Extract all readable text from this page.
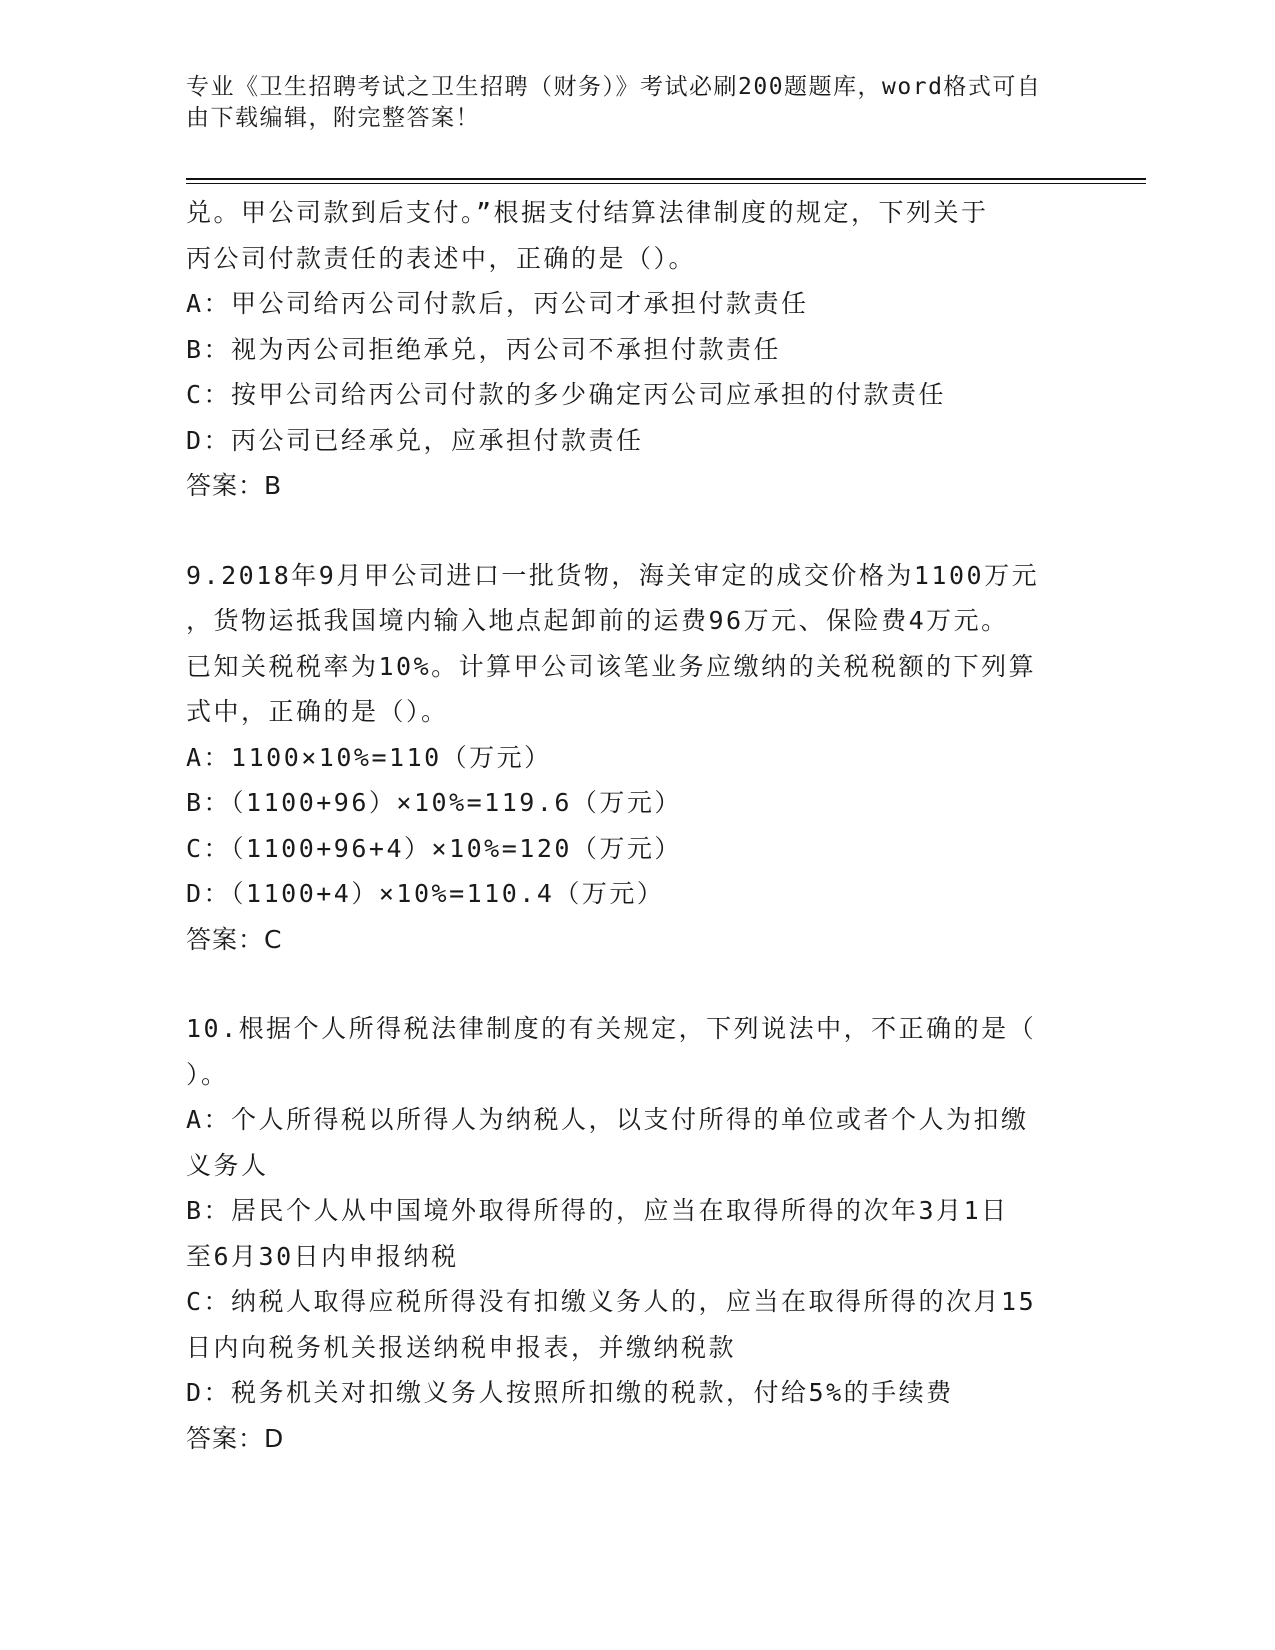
专业《卫生招聘考试之卫生招聘（财务）》考试必刷200题题库，word格式可自
由下载编辑，附完整答案！
兑。甲公司款到后支付。”根据支付结算法律制度的规定，下列关于
丙公司付款责任的表述中，正确的是（）。
A：甲公司给丙公司付款后，丙公司才承担付款责任
B：视为丙公司拒绝承兑，丙公司不承担付款责任
C：按甲公司给丙公司付款的多少确定丙公司应承担的付款责任
D：丙公司已经承兑，应承担付款责任
答案：B
9.2018年9月甲公司进口一批货物，海关审定的成交价格为1100万元
，货物运抵我国境内输入地点起卸前的运费96万元、保险费4万元。
已知关税税率为10%。计算甲公司该笔业务应缴纳的关税税额的下列算
式中，正确的是（）。
A：1100×10%=110（万元）
B：（1100+96）×10%=119.6（万元）
C：（1100+96+4）×10%=120（万元）
D：（1100+4）×10%=110.4（万元）
答案：C
10.根据个人所得税法律制度的有关规定，下列说法中，不正确的是（
）。
A：个人所得税以所得人为纳税人，以支付所得的单位或者个人为扣缴
义务人
B：居民个人从中国境外取得所得的，应当在取得所得的次年3月1日
至6月30日内申报纳税
C：纳税人取得应税所得没有扣缴义务人的，应当在取得所得的次月15
日内向税务机关报送纳税申报表，并缴纳税款
D：税务机关对扣缴义务人按照所扣缴的税款，付给5%的手续费
答案：D
